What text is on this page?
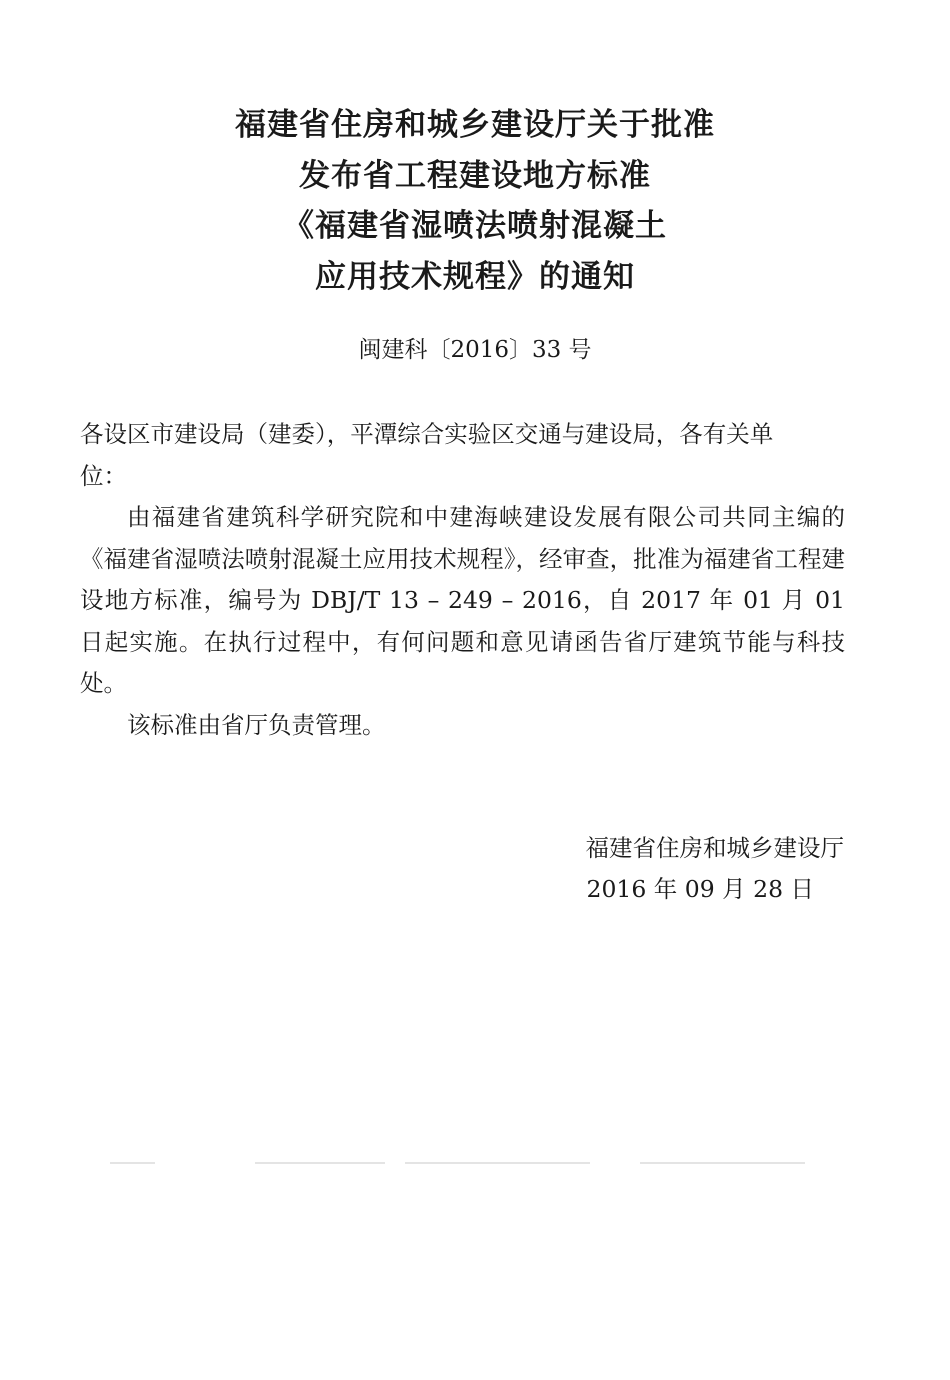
福建省住房和城乡建设厅关于批准
发布省工程建设地方标准
《福建省湿喷法喷射混凝土
应用技术规程》的通知
闽建科〔2016〕33 号

各设区市建设局（建委），平潭综合实验区交通与建设局，各有关单

位：

由福建省建筑科学研究院和中建海峡建设发展有限公司共同主编的《福建省湿喷法喷射混凝土应用技术规程》，经审查，批准为福建省工程建设地方标准，编号为 DBJ/T 13 – 249 – 2016，自 2017 年 01 月 01 日起实施。在执行过程中，有何问题和意见请函告省厅建筑节能与科技处。

该标准由省厅负责管理。

福建省住房和城乡建设厅
2016 年 09 月 28 日
